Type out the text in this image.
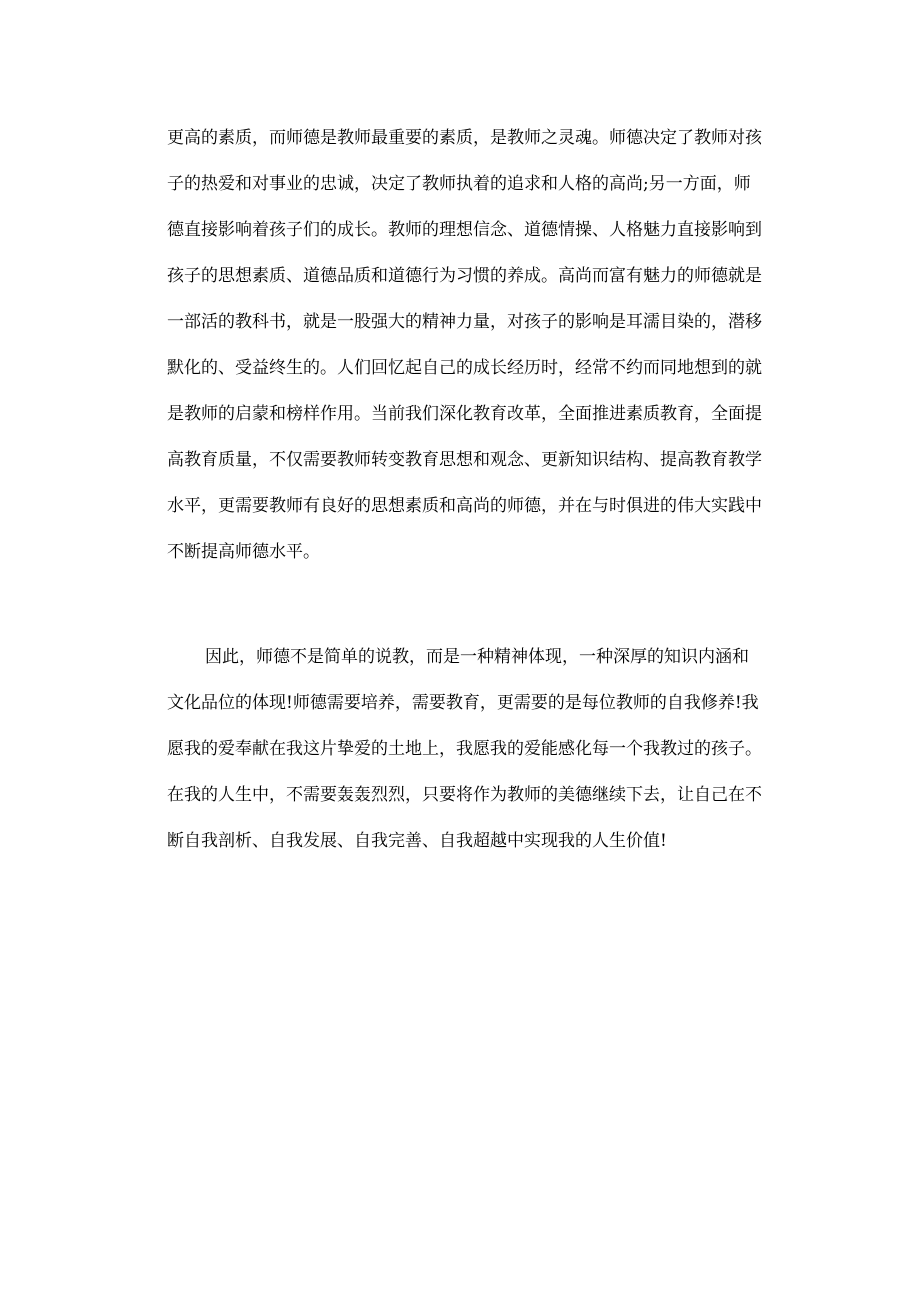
更高的素质，而师德是教师最重要的素质，是教师之灵魂。师德决定了教师对孩
子的热爱和对事业的忠诚，决定了教师执着的追求和人格的高尚;另一方面，师
德直接影响着孩子们的成长。教师的理想信念、道德情操、人格魅力直接影响到
孩子的思想素质、道德品质和道德行为习惯的养成。高尚而富有魅力的师德就是
一部活的教科书，就是一股强大的精神力量，对孩子的影响是耳濡目染的，潜移
默化的、受益终生的。人们回忆起自己的成长经历时，经常不约而同地想到的就
是教师的启蒙和榜样作用。当前我们深化教育改革，全面推进素质教育，全面提
高教育质量，不仅需要教师转变教育思想和观念、更新知识结构、提高教育教学
水平，更需要教师有良好的思想素质和高尚的师德，并在与时俱进的伟大实践中
不断提高师德水平。
因此，师德不是简单的说教，而是一种精神体现，一种深厚的知识内涵和
文化品位的体现!师德需要培养，需要教育，更需要的是每位教师的自我修养!我
愿我的爱奉献在我这片挚爱的土地上，我愿我的爱能感化每一个我教过的孩子。
在我的人生中，不需要轰轰烈烈，只要将作为教师的美德继续下去，让自己在不
断自我剖析、自我发展、自我完善、自我超越中实现我的人生价值!
